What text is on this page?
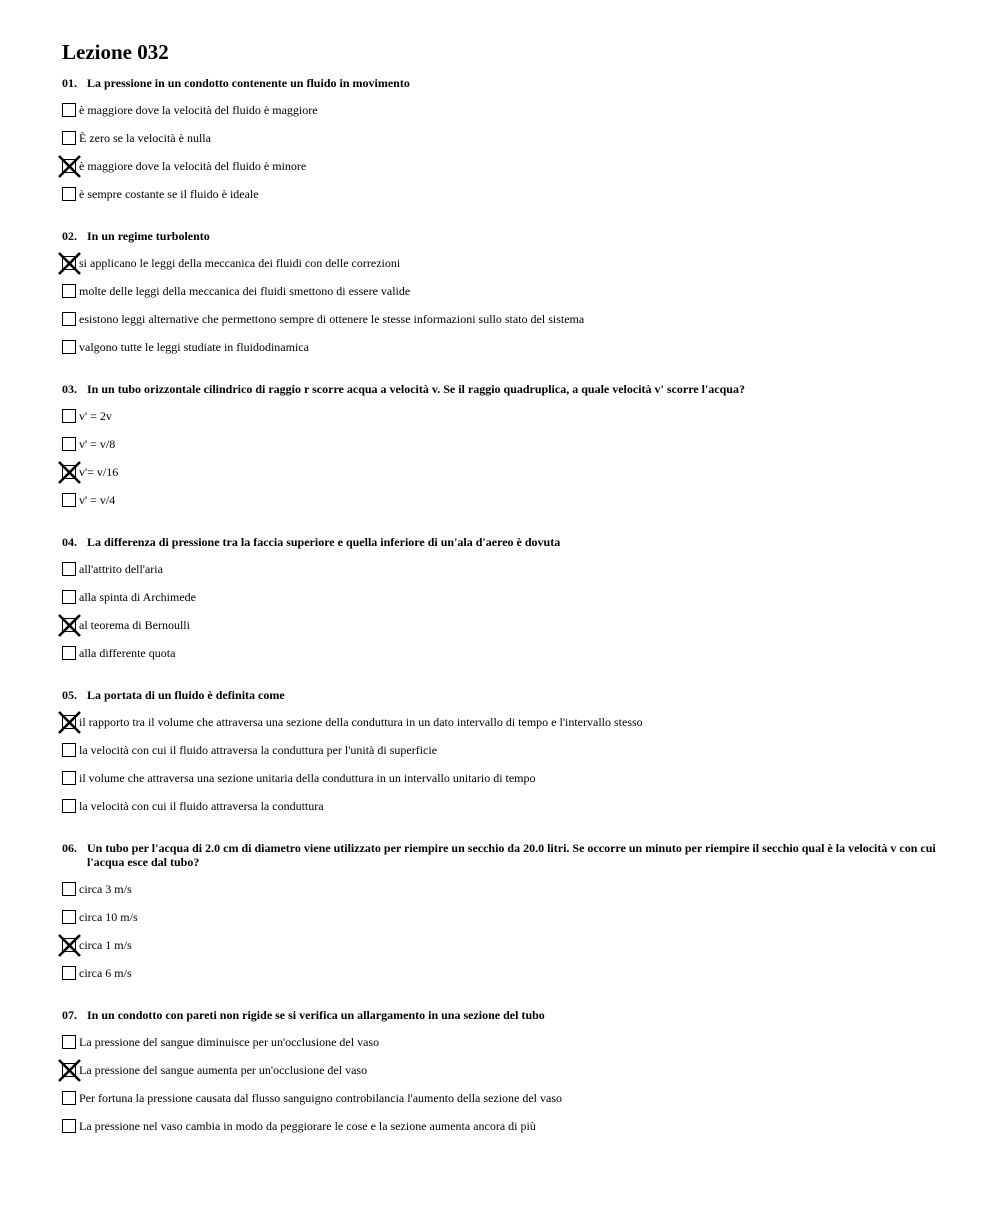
Lezione 032
01. La pressione in un condotto contenente un fluido in movimento
è maggiore dove la velocità del fluido è maggiore
È zero se la velocità è nulla
è maggiore dove la velocità del fluido è minore
è sempre costante se il fluido è ideale
02. In un regime turbolento
si applicano le leggi della meccanica dei fluidi con delle correzioni
molte delle leggi della meccanica dei fluidi smettono di essere valide
esistono leggi alternative che permettono sempre di ottenere le stesse informazioni sullo stato del sistema
valgono tutte le leggi studiate in fluidodinamica
03. In un tubo orizzontale cilindrico di raggio r scorre acqua a velocità v. Se il raggio quadruplica, a quale velocità v' scorre l'acqua?
v' = 2v
v' = v/8
v'= v/16
v' = v/4
04. La differenza di pressione tra la faccia superiore e quella inferiore di un'ala d'aereo è dovuta
all'attrito dell'aria
alla spinta di Archimede
al teorema di Bernoulli
alla differente quota
05. La portata di un fluido è definita come
il rapporto tra il volume che attraversa una sezione della conduttura in un dato intervallo di tempo e l'intervallo stesso
la velocità con cui il fluido attraversa la conduttura per l'unità di superficie
il volume che attraversa una sezione unitaria della conduttura in un intervallo unitario di tempo
la velocità con cui il fluido attraversa la conduttura
06. Un tubo per l'acqua di 2.0 cm di diametro viene utilizzato per riempire un secchio da 20.0 litri. Se occorre un minuto per riempire il secchio qual è la velocità v con cui l'acqua esce dal tubo?
circa 3 m/s
circa 10 m/s
circa 1 m/s
circa 6 m/s
07. In un condotto con pareti non rigide se si verifica un allargamento in una sezione del tubo
La pressione del sangue diminuisce per un'occlusione del vaso
La pressione del sangue aumenta per un'occlusione del vaso
Per fortuna la pressione causata dal flusso sanguigno controbilancia l'aumento della sezione del vaso
La pressione nel vaso cambia in modo da peggiorare le cose e la sezione aumenta ancora di più
